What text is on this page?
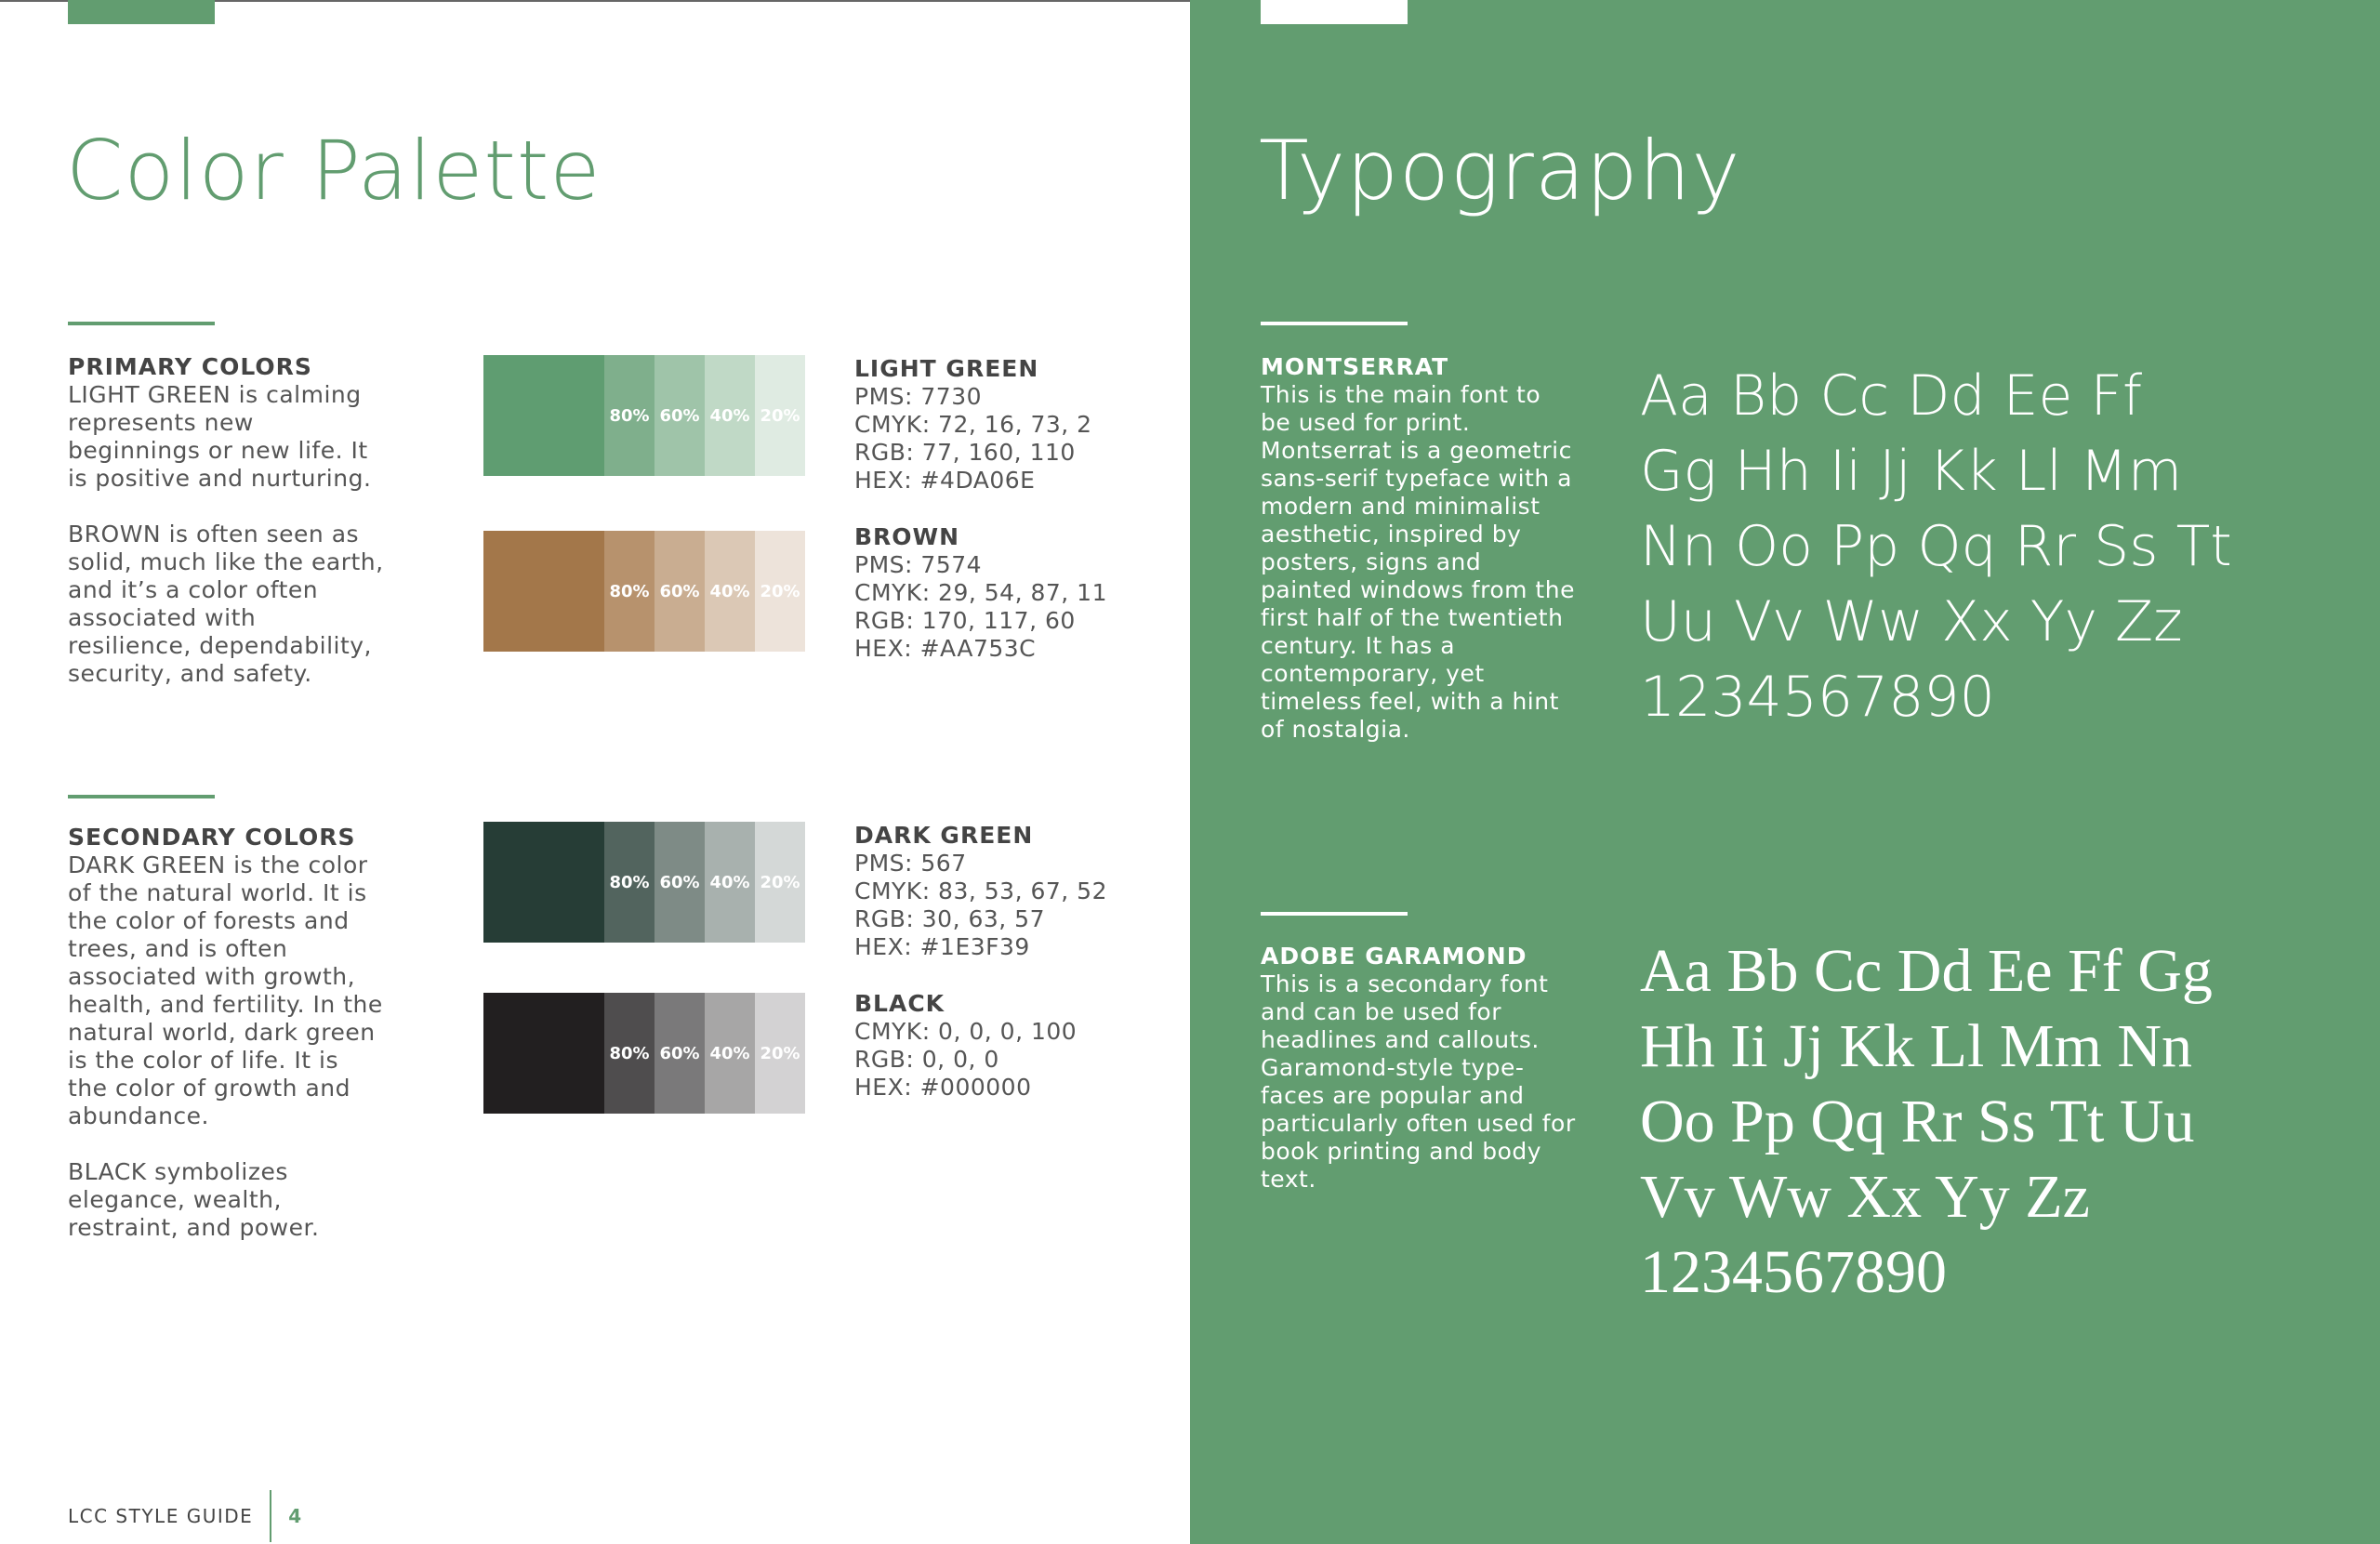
Color Palette
PRIMARY COLORS

LIGHT GREEN is calming represents new beginnings or new life. It is positive and nurturing.

BROWN is often seen as solid, much like the earth, and it’s a color often associated with resilience, dependability, security, and safety.

SECONDARY COLORS

DARK GREEN is the color of the natural world. It is the color of forests and trees, and is often associated with growth, health, and fertility. In the natural world, dark green is the color of life. It is the color of growth and abundance.

BLACK symbolizes elegance, wealth, restraint, and power.

80% 60% 40% 20%
80% 60% 40% 20%
80% 60% 40% 20%
80% 60% 40% 20%
LIGHT GREEN
PMS: 7730
CMYK: 72, 16, 73, 2
RGB: 77, 160, 110
HEX: #4DA06E
BROWN
PMS: 7574
CMYK: 29, 54, 87, 11
RGB: 170, 117, 60
HEX: #AA753C
DARK GREEN
PMS: 567
CMYK: 83, 53, 67, 52
RGB: 30, 63, 57
HEX: #1E3F39
BLACK
CMYK: 0, 0, 0, 100
RGB: 0, 0, 0
HEX: #000000
LCC STYLE GUIDE 4
Typography
MONTSERRAT
This is the main font to be used for print. Montserrat is a geometric sans-serif typeface with a modern and minimalist aesthetic, inspired by posters, signs and painted windows from the first half of the twentieth century. It has a contemporary, yet timeless feel, with a hint of nostalgia.
Aa Bb Cc Dd Ee Ff
Gg Hh Ii Jj Kk Ll Mm
Nn Oo Pp Qq Rr Ss Tt
Uu Vv Ww Xx Yy Zz
1234567890
ADOBE GARAMOND
This is a secondary font and can be used for headlines and callouts. Garamond-style type-faces are popular and particularly often used for book printing and body text.
Aa Bb Cc Dd Ee Ff Gg
Hh Ii Jj Kk Ll Mm Nn
Oo Pp Qq Rr Ss Tt Uu
Vv Ww Xx Yy Zz
1234567890
